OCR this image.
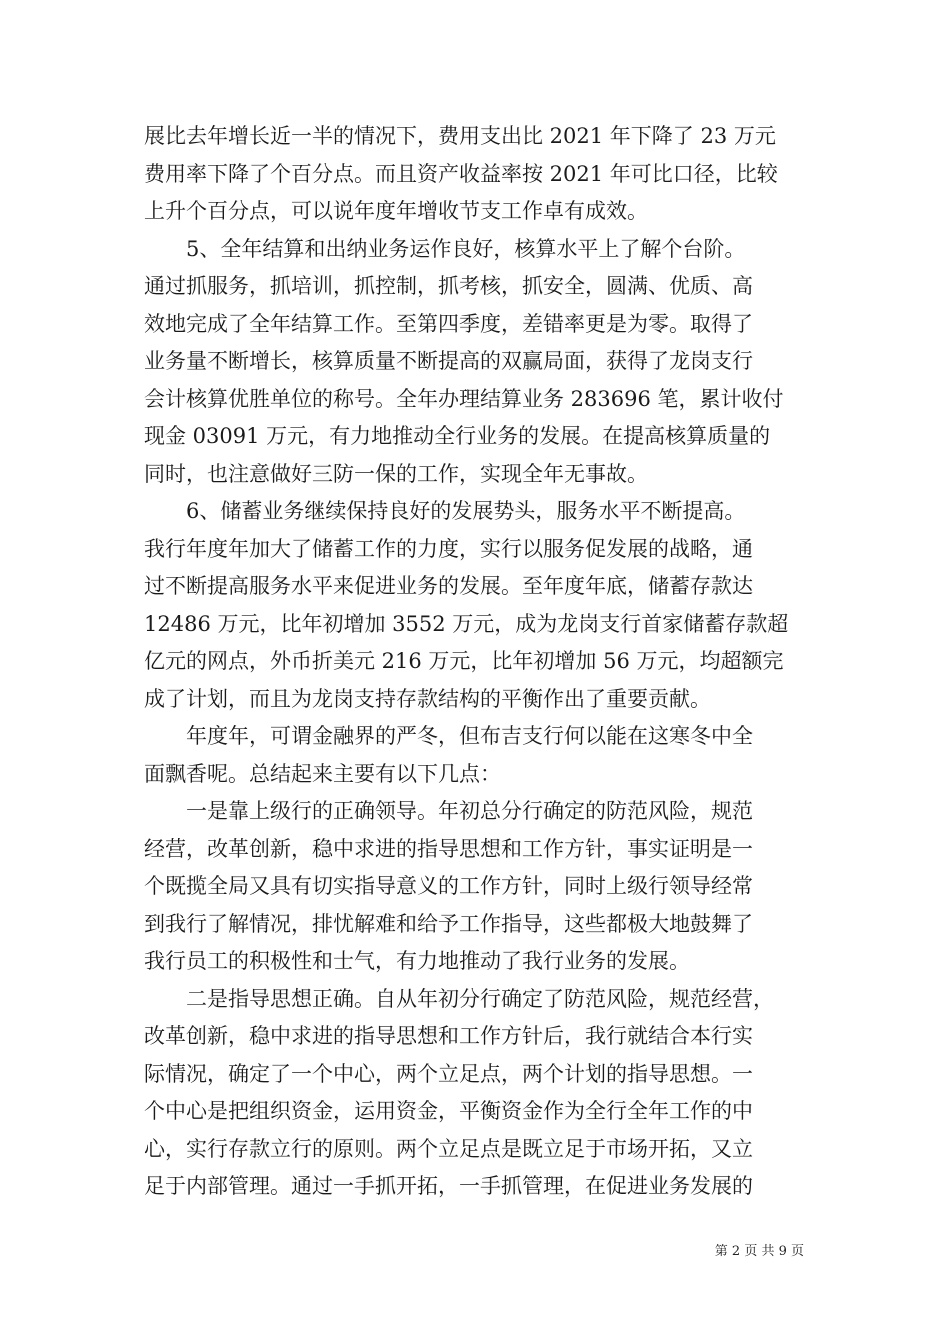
展比去年增长近一半的情况下，费用支出比 2021 年下降了 23 万元
费用率下降了个百分点。而且资产收益率按 2021 年可比口径，比较
上升个百分点，可以说年度年增收节支工作卓有成效。
5、全年结算和出纳业务运作良好，核算水平上了解个台阶。
通过抓服务，抓培训，抓控制，抓考核，抓安全，圆满、优质、高
效地完成了全年结算工作。至第四季度，差错率更是为零。取得了
业务量不断增长，核算质量不断提高的双赢局面，获得了龙岗支行
会计核算优胜单位的称号。全年办理结算业务 283696 笔，累计收付
现金 03091 万元，有力地推动全行业务的发展。在提高核算质量的
同时，也注意做好三防一保的工作，实现全年无事故。
6、储蓄业务继续保持良好的发展势头，服务水平不断提高。
我行年度年加大了储蓄工作的力度，实行以服务促发展的战略，通
过不断提高服务水平来促进业务的发展。至年度年底，储蓄存款达
12486 万元，比年初增加 3552 万元，成为龙岗支行首家储蓄存款超
亿元的网点，外币折美元 216 万元，比年初增加 56 万元，均超额完
成了计划，而且为龙岗支持存款结构的平衡作出了重要贡献。
年度年，可谓金融界的严冬，但布吉支行何以能在这寒冬中全
面飘香呢。总结起来主要有以下几点：
一是靠上级行的正确领导。年初总分行确定的防范风险，规范
经营，改革创新，稳中求进的指导思想和工作方针，事实证明是一
个既揽全局又具有切实指导意义的工作方针，同时上级行领导经常
到我行了解情况，排忧解难和给予工作指导，这些都极大地鼓舞了
我行员工的积极性和士气，有力地推动了我行业务的发展。
二是指导思想正确。自从年初分行确定了防范风险，规范经营，
改革创新，稳中求进的指导思想和工作方针后，我行就结合本行实
际情况，确定了一个中心，两个立足点，两个计划的指导思想。一
个中心是把组织资金，运用资金，平衡资金作为全行全年工作的中
心，实行存款立行的原则。两个立足点是既立足于市场开拓，又立
足于内部管理。通过一手抓开拓，一手抓管理，在促进业务发展的
第 2 页 共 9 页
